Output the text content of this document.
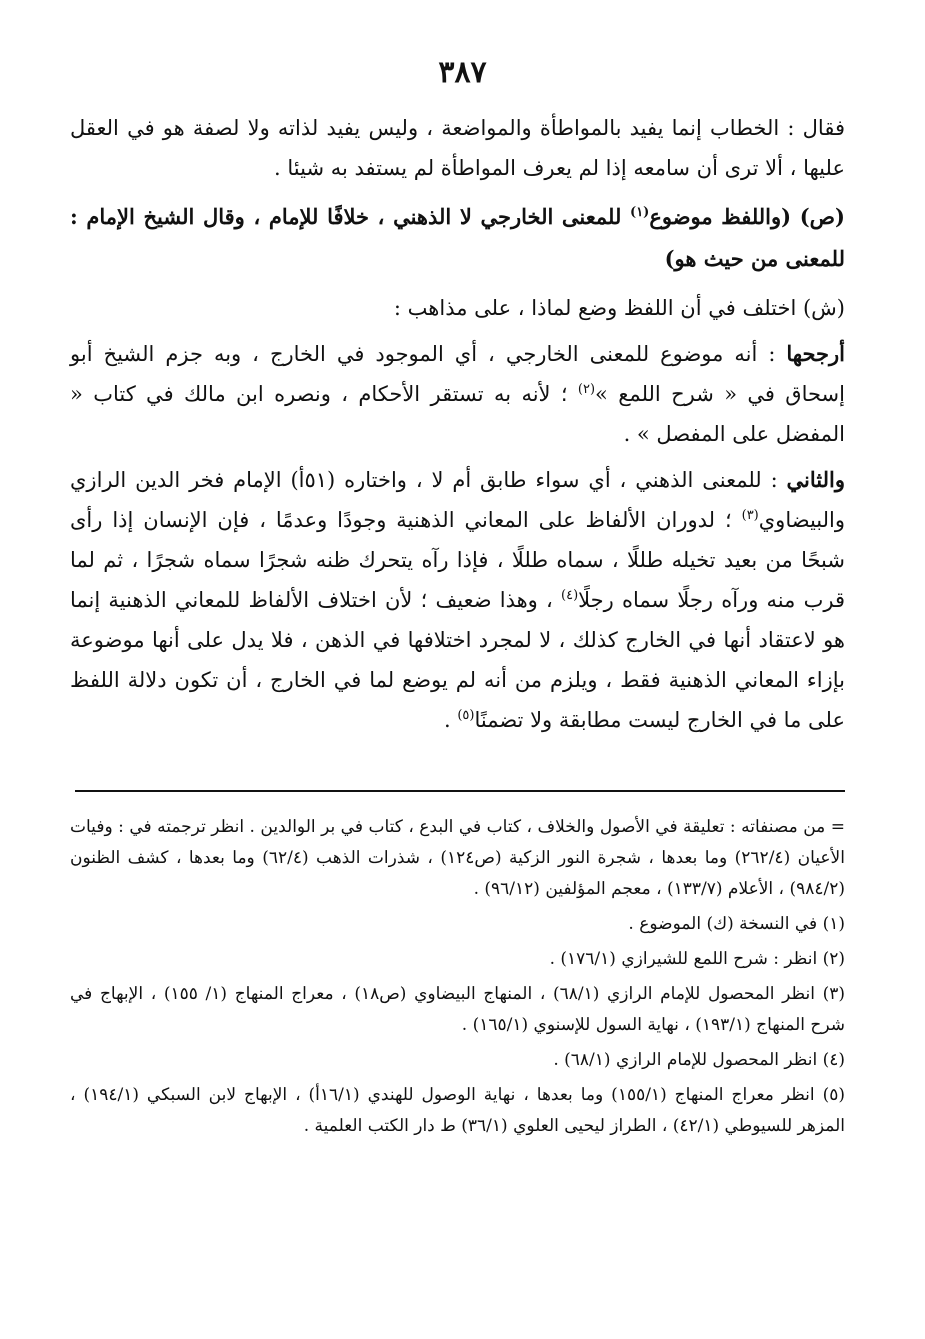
٣٨٧

فقال : الخطاب إنما يفيد بالمواطأة والمواضعة ، وليس يفيد لذاته ولا لصفة هو في العقل عليها ، ألا ترى أن سامعه إذا لم يعرف المواطأة لم يستفد به شيئا .

(ص) (واللفظ موضوع$^{(١)}$ للمعنى الخارجي لا الذهني ، خلافًا للإمام ، وقال الشيخ الإمام : للمعنى من حيث هو)

(ش) اختلف في أن اللفظ وضع لماذا ، على مذاهب :

أرجحها : أنه موضوع للمعنى الخارجي ، أي الموجود في الخارج ، وبه جزم الشيخ أبو إسحاق في « شرح اللمع »$^{(٢)}$ ؛ لأنه به تستقر الأحكام ، ونصره ابن مالك في كتاب « المفضل على المفصل » .

والثاني : للمعنى الذهني ، أي سواء طابق أم لا ، واختاره (٥١أ) الإمام فخر الدين الرازي والبيضاوي$^{(٣)}$ ؛ لدوران الألفاظ على المعاني الذهنية وجودًا وعدمًا ، فإن الإنسان إذا رأى شبحًا من بعيد تخيله طللًا ، سماه طللًا ، فإذا رآه يتحرك ظنه شجرًا سماه شجرًا ، ثم لما قرب منه ورآه رجلًا سماه رجلًا$^{(٤)}$ ، وهذا ضعيف ؛ لأن اختلاف الألفاظ للمعاني الذهنية إنما هو لاعتقاد أنها في الخارج كذلك ، لا لمجرد اختلافها في الذهن ، فلا يدل على أنها موضوعة بإزاء المعاني الذهنية فقط ، ويلزم من أنه لم يوضع لما في الخارج ، أن تكون دلالة اللفظ على ما في الخارج ليست مطابقة ولا تضمنًا$^{(٥)}$ .

= من مصنفاته : تعليقة في الأصول والخلاف ، كتاب في البدع ، كتاب في بر الوالدين . انظر ترجمته في : وفيات الأعيان (٢٦٢/٤) وما بعدها ، شجرة النور الزكية (ص١٢٤) ، شذرات الذهب (٦٢/٤) وما بعدها ، كشف الظنون (٩٨٤/٢) ، الأعلام (١٣٣/٧) ، معجم المؤلفين (٩٦/١٢) .

(١) في النسخة (ك) الموضوع .

(٢) انظر : شرح اللمع للشيرازي (١٧٦/١) .

(٣) انظر المحصول للإمام الرازي (٦٨/١) ، المنهاج البيضاوي (ص١٨) ، معراج المنهاج (١/ ١٥٥) ، الإبهاج في شرح المنهاج (١٩٣/١) ، نهاية السول للإسنوي (١٦٥/١) .

(٤) انظر المحصول للإمام الرازي (٦٨/١) .

(٥) انظر معراج المنهاج (١٥٥/١) وما بعدها ، نهاية الوصول للهندي (١٦/١أ) ، الإبهاج لابن السبكي (١٩٤/١) ، المزهر للسيوطي (٤٢/١) ، الطراز ليحيى العلوي (٣٦/١) ط دار الكتب العلمية .
